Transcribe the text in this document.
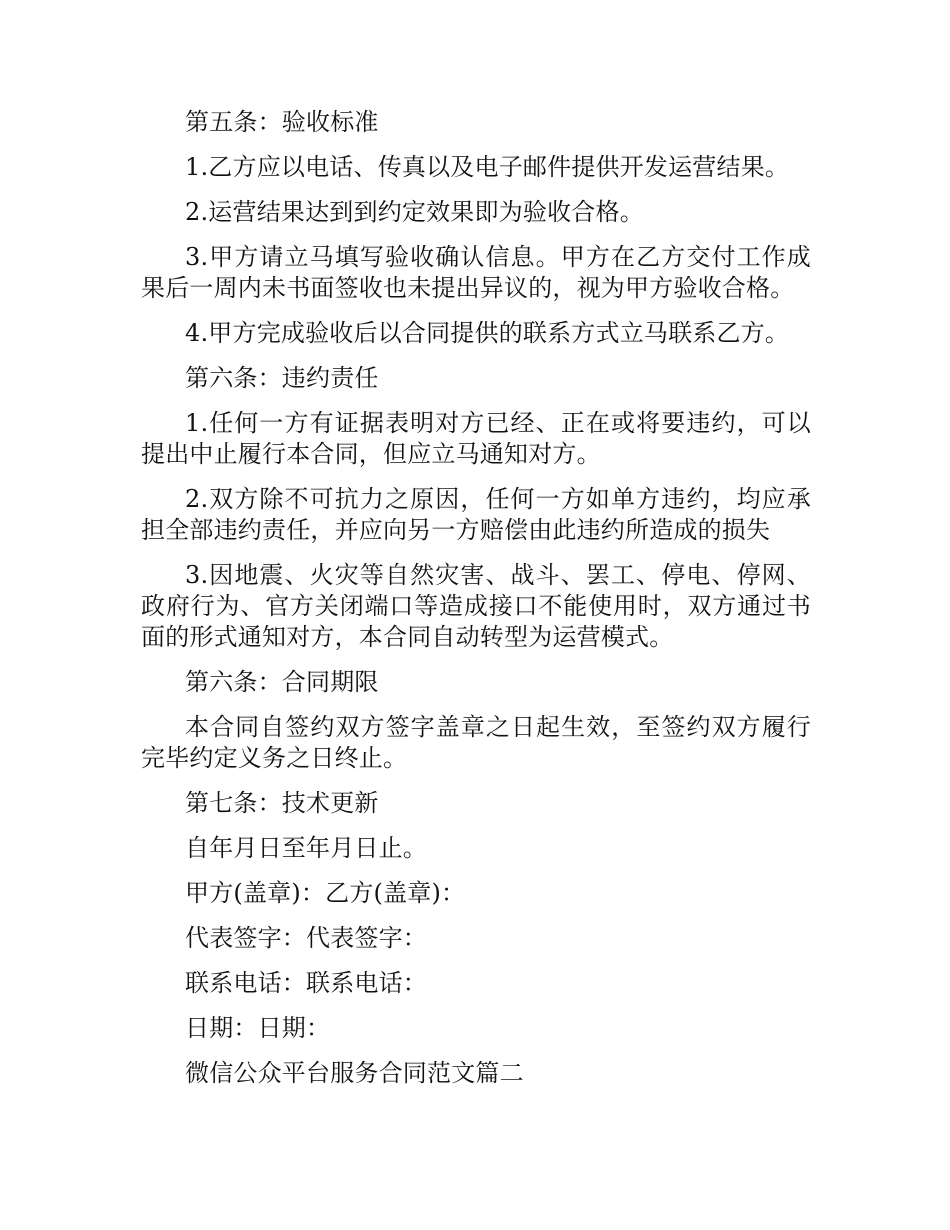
第五条：验收标准

1.乙方应以电话、传真以及电子邮件提供开发运营结果。

2.运营结果达到到约定效果即为验收合格。

3.甲方请立马填写验收确认信息。甲方在乙方交付工作成果后一周内未书面签收也未提出异议的，视为甲方验收合格。

4.甲方完成验收后以合同提供的联系方式立马联系乙方。

第六条：违约责任

1.任何一方有证据表明对方已经、正在或将要违约，可以提出中止履行本合同，但应立马通知对方。

2.双方除不可抗力之原因，任何一方如单方违约，均应承担全部违约责任，并应向另一方赔偿由此违约所造成的损失

3.因地震、火灾等自然灾害、战斗、罢工、停电、停网、政府行为、官方关闭端口等造成接口不能使用时，双方通过书面的形式通知对方，本合同自动转型为运营模式。

第六条：合同期限

本合同自签约双方签字盖章之日起生效，至签约双方履行完毕约定义务之日终止。

第七条：技术更新

自年月日至年月日止。

甲方(盖章)：乙方(盖章)：

代表签字：代表签字：

联系电话：联系电话：

日期：日期：

微信公众平台服务合同范文篇二
